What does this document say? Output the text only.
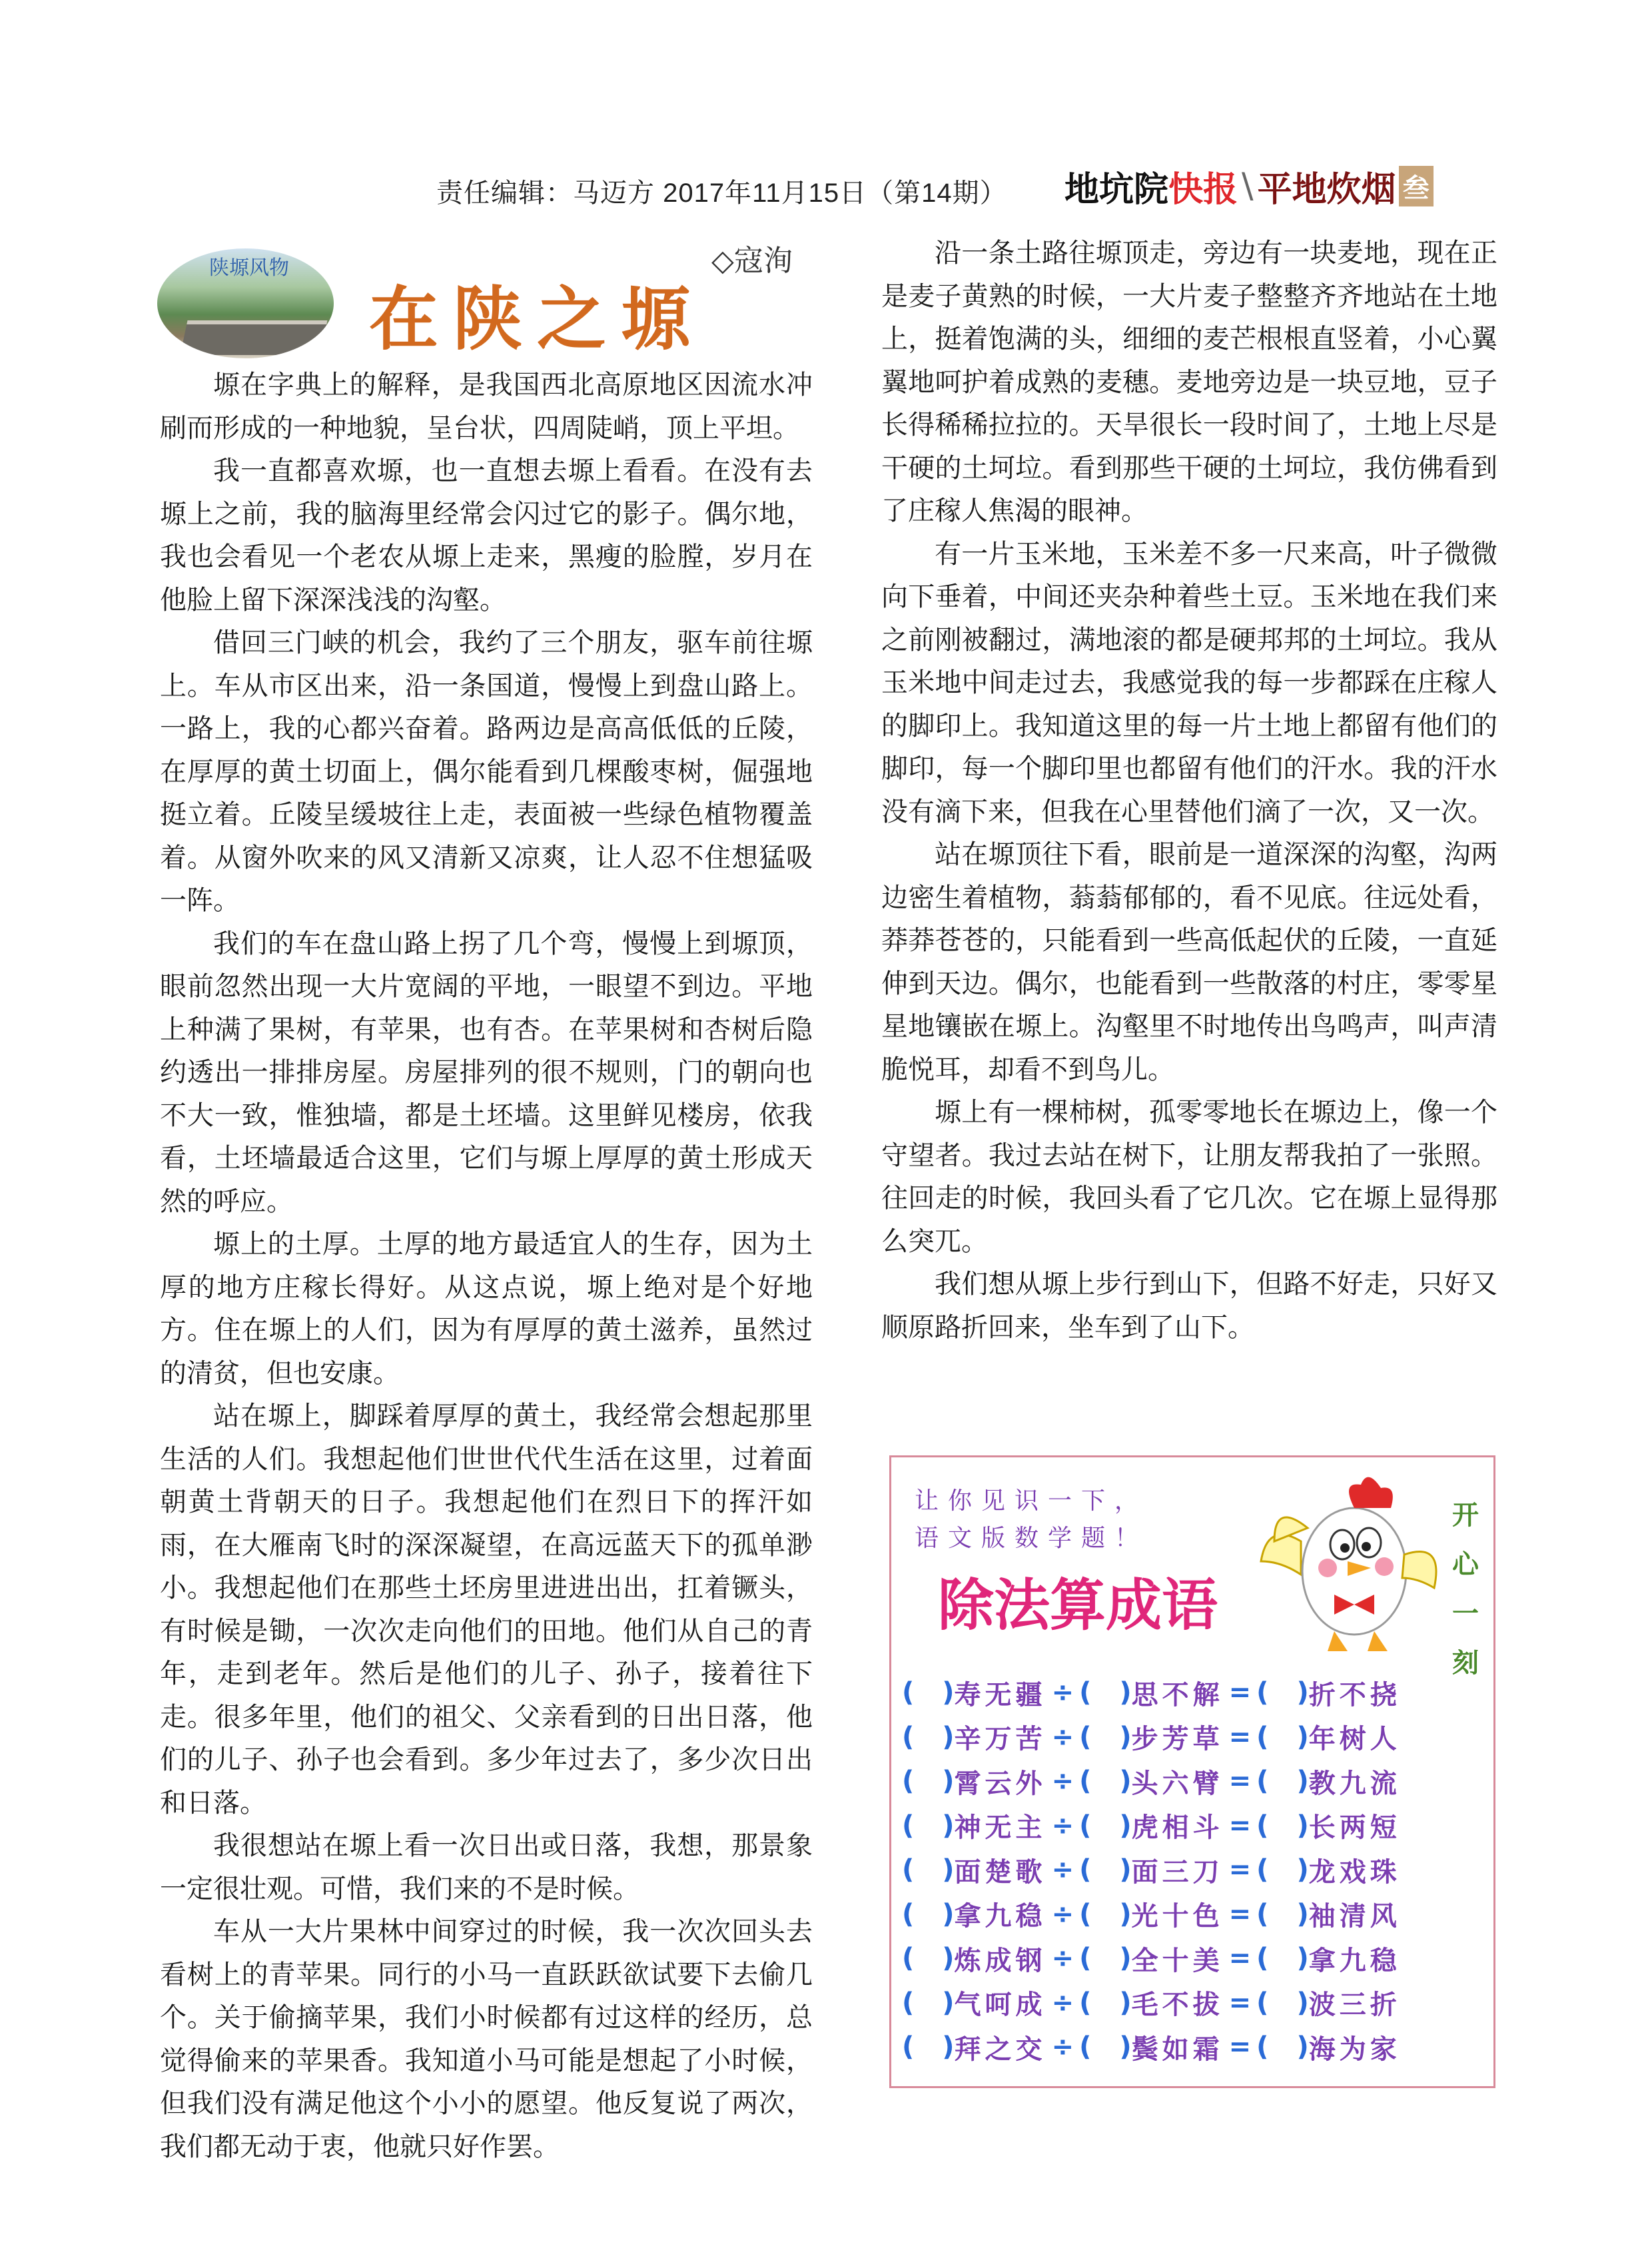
责任编辑：马迈方 2017年11月15日（第14期） 地坑院 快报 \ 平地炊烟 叁
陕塬风物
在陕之塬
◇寇洵

塬在字典上的解释，是我国西北高原地区因流水冲刷而形成的一种地貌，呈台状，四周陡峭，顶上平坦。

我一直都喜欢塬，也一直想去塬上看看。在没有去塬上之前，我的脑海里经常会闪过它的影子。偶尔地，我也会看见一个老农从塬上走来，黑瘦的脸膛，岁月在他脸上留下深深浅浅的沟壑。

借回三门峡的机会，我约了三个朋友，驱车前往塬上。车从市区出来，沿一条国道，慢慢上到盘山路上。一路上，我的心都兴奋着。路两边是高高低低的丘陵，在厚厚的黄土切面上，偶尔能看到几棵酸枣树，倔强地挺立着。丘陵呈缓坡往上走，表面被一些绿色植物覆盖着。从窗外吹来的风又清新又凉爽，让人忍不住想猛吸一阵。

我们的车在盘山路上拐了几个弯，慢慢上到塬顶，眼前忽然出现一大片宽阔的平地，一眼望不到边。平地上种满了果树，有苹果，也有杏。在苹果树和杏树后隐约透出一排排房屋。房屋排列的很不规则，门的朝向也不大一致，惟独墙，都是土坯墙。这里鲜见楼房，依我看，土坯墙最适合这里，它们与塬上厚厚的黄土形成天然的呼应。

塬上的土厚。土厚的地方最适宜人的生存，因为土厚的地方庄稼长得好。从这点说，塬上绝对是个好地方。住在塬上的人们，因为有厚厚的黄土滋养，虽然过的清贫，但也安康。

站在塬上，脚踩着厚厚的黄土，我经常会想起那里生活的人们。我想起他们世世代代生活在这里，过着面朝黄土背朝天的日子。我想起他们在烈日下的挥汗如雨，在大雁南飞时的深深凝望，在高远蓝天下的孤单渺小。我想起他们在那些土坯房里进进出出，扛着镢头，有时候是锄，一次次走向他们的田地。他们从自己的青年，走到老年。然后是他们的儿子、孙子，接着往下走。很多年里，他们的祖父、父亲看到的日出日落，他们的儿子、孙子也会看到。多少年过去了，多少次日出和日落。

我很想站在塬上看一次日出或日落，我想，那景象一定很壮观。可惜，我们来的不是时候。

车从一大片果林中间穿过的时候，我一次次回头去看树上的青苹果。同行的小马一直跃跃欲试要下去偷几个。关于偷摘苹果，我们小时候都有过这样的经历，总觉得偷来的苹果香。我知道小马可能是想起了小时候，但我们没有满足他这个小小的愿望。他反复说了两次，我们都无动于衷，他就只好作罢。

沿一条土路往塬顶走，旁边有一块麦地，现在正是麦子黄熟的时候，一大片麦子整整齐齐地站在土地上，挺着饱满的头，细细的麦芒根根直竖着，小心翼翼地呵护着成熟的麦穗。麦地旁边是一块豆地，豆子长得稀稀拉拉的。天旱很长一段时间了，土地上尽是干硬的土坷垃。看到那些干硬的土坷垃，我仿佛看到了庄稼人焦渴的眼神。

有一片玉米地，玉米差不多一尺来高，叶子微微向下垂着，中间还夹杂种着些土豆。玉米地在我们来之前刚被翻过，满地滚的都是硬邦邦的土坷垃。我从玉米地中间走过去，我感觉我的每一步都踩在庄稼人的脚印上。我知道这里的每一片土地上都留有他们的脚印，每一个脚印里也都留有他们的汗水。我的汗水没有滴下来，但我在心里替他们滴了一次，又一次。

站在塬顶往下看，眼前是一道深深的沟壑，沟两边密生着植物，蓊蓊郁郁的，看不见底。往远处看，莽莽苍苍的，只能看到一些高低起伏的丘陵，一直延伸到天边。偶尔，也能看到一些散落的村庄，零零星星地镶嵌在塬上。沟壑里不时地传出鸟鸣声，叫声清脆悦耳，却看不到鸟儿。

塬上有一棵柿树，孤零零地长在塬边上，像一个守望者。我过去站在树下，让朋友帮我拍了一张照。往回走的时候，我回头看了它几次。它在塬上显得那么突兀。

我们想从塬上步行到山下，但路不好走，只好又顺原路折回来，坐车到了山下。

让你见识一下，
语文版数学题！
除法算成语
开
心
一
刻
( ) 寿无疆 ÷ ( ) 思不解 = ( ) 折不挠
( ) 辛万苦 ÷ ( ) 步芳草 = ( ) 年树人
( ) 霄云外 ÷ ( ) 头六臂 = ( ) 教九流
( ) 神无主 ÷ ( ) 虎相斗 = ( ) 长两短
( ) 面楚歌 ÷ ( ) 面三刀 = ( ) 龙戏珠
( ) 拿九稳 ÷ ( ) 光十色 = ( ) 袖清风
( ) 炼成钢 ÷ ( ) 全十美 = ( ) 拿九稳
( ) 气呵成 ÷ ( ) 毛不拔 = ( ) 波三折
( ) 拜之交 ÷ ( ) 鬓如霜 = ( ) 海为家
